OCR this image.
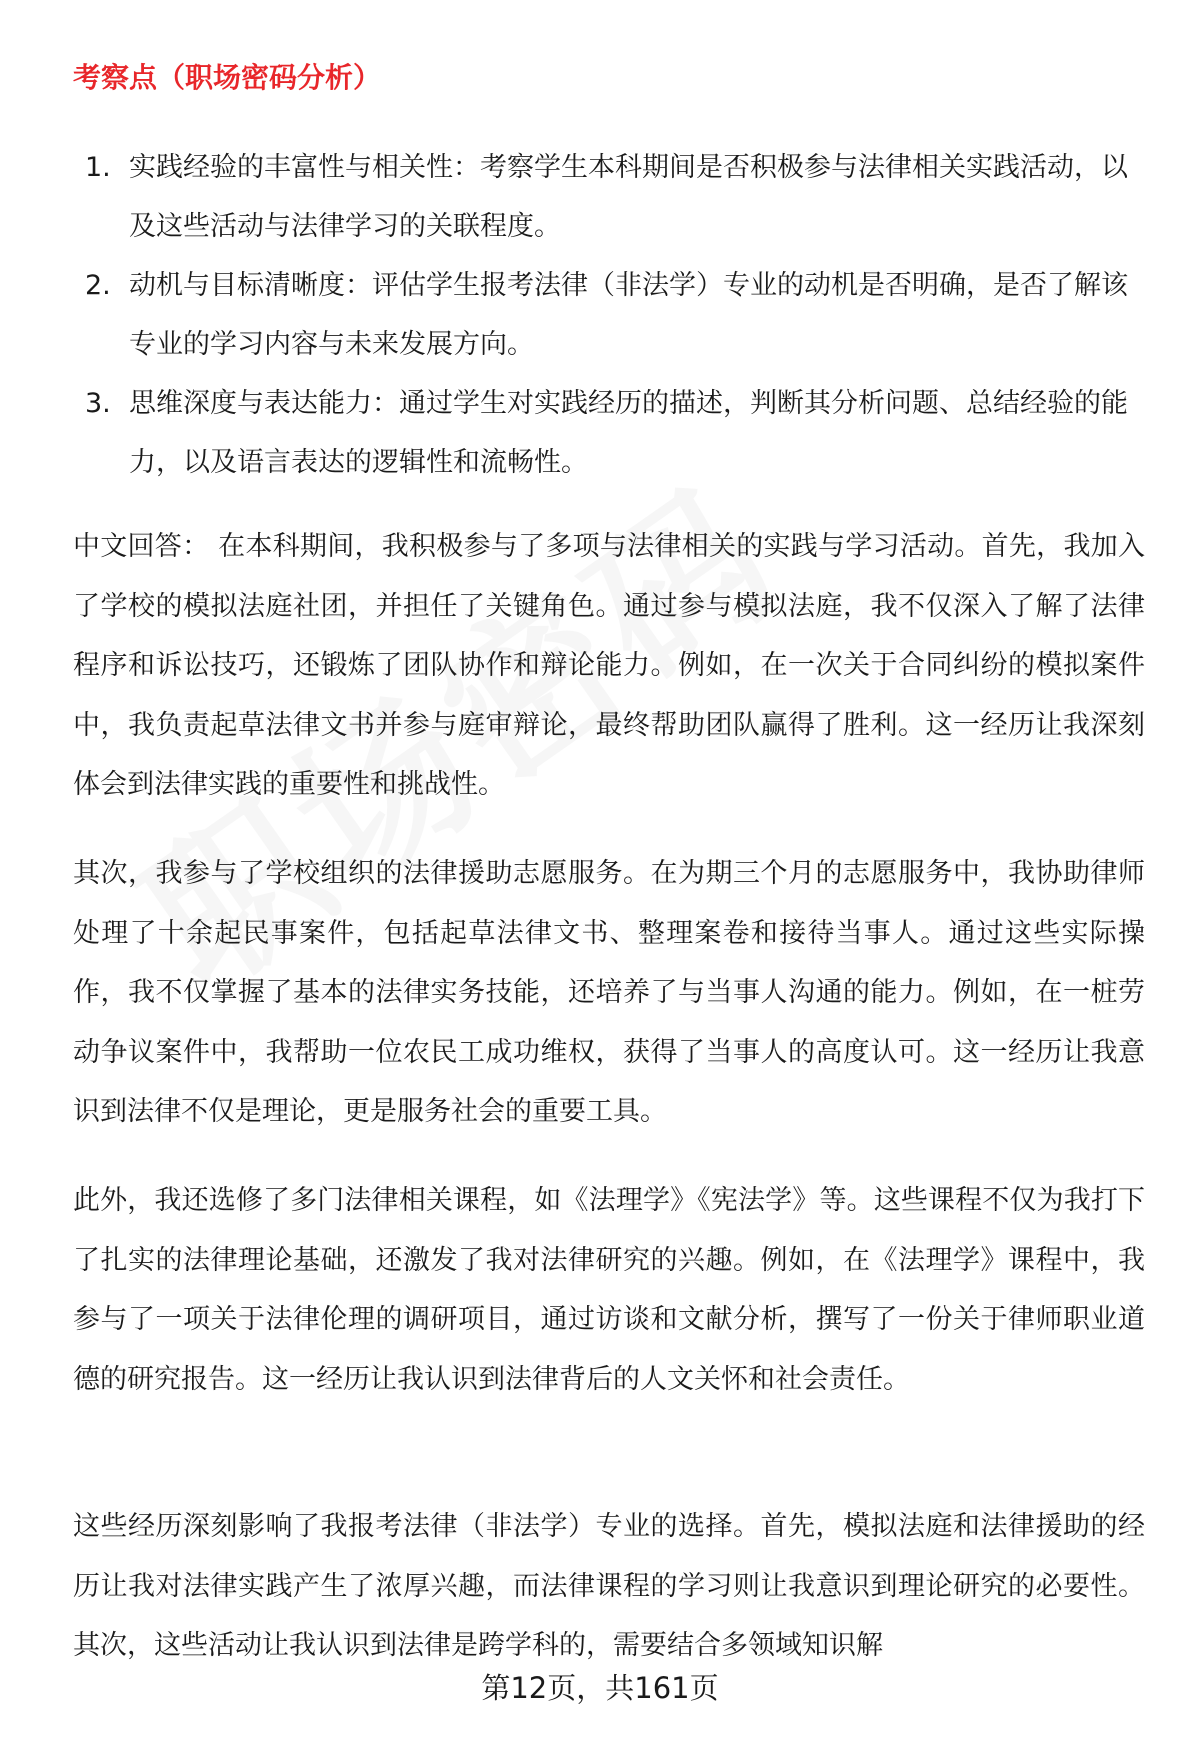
考察点（职场密码分析）
1. 实践经验的丰富性与相关性：考察学生本科期间是否积极参与法律相关实践活动，以及这些活动与法律学习的关联程度。
2. 动机与目标清晰度：评估学生报考法律（非法学）专业的动机是否明确，是否了解该专业的学习内容与未来发展方向。
3. 思维深度与表达能力：通过学生对实践经历的描述，判断其分析问题、总结经验的能力，以及语言表达的逻辑性和流畅性。

中文回答： 在本科期间，我积极参与了多项与法律相关的实践与学习活动。首先，我加入了学校的模拟法庭社团，并担任了关键角色。通过参与模拟法庭，我不仅深入了解了法律程序和诉讼技巧，还锻炼了团队协作和辩论能力。例如，在一次关于合同纠纷的模拟案件中，我负责起草法律文书并参与庭审辩论，最终帮助团队赢得了胜利。这一经历让我深刻体会到法律实践的重要性和挑战性。

其次，我参与了学校组织的法律援助志愿服务。在为期三个月的志愿服务中，我协助律师处理了十余起民事案件，包括起草法律文书、整理案卷和接待当事人。通过这些实际操作，我不仅掌握了基本的法律实务技能，还培养了与当事人沟通的能力。例如，在一桩劳动争议案件中，我帮助一位农民工成功维权，获得了当事人的高度认可。这一经历让我意识到法律不仅是理论，更是服务社会的重要工具。

此外，我还选修了多门法律相关课程，如《法理学》《宪法学》等。这些课程不仅为我打下了扎实的法律理论基础，还激发了我对法律研究的兴趣。例如，在《法理学》课程中，我参与了一项关于法律伦理的调研项目，通过访谈和文献分析，撰写了一份关于律师职业道德的研究报告。这一经历让我认识到法律背后的人文关怀和社会责任。

这些经历深刻影响了我报考法律（非法学）专业的选择。首先，模拟法庭和法律援助的经历让我对法律实践产生了浓厚兴趣，而法律课程的学习则让我意识到理论研究的必要性。其次，这些活动让我认识到法律是跨学科的，需要结合多领域知识解

第12页，共161页
